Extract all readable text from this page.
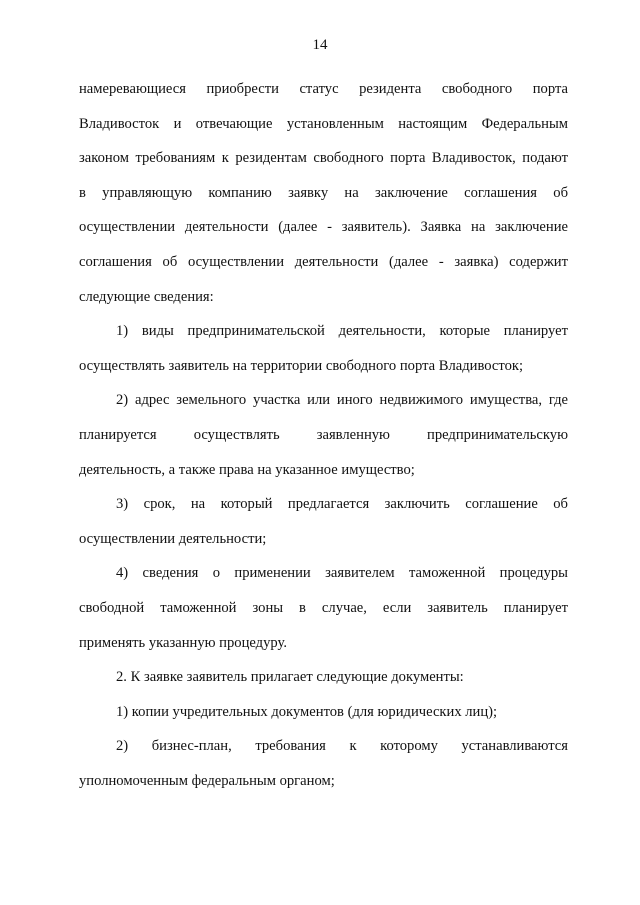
14

намеревающиеся приобрести статус резидента свободного порта

Владивосток и отвечающие установленным настоящим Федеральным

законом требованиям к резидентам свободного порта Владивосток, подают

в управляющую компанию заявку на заключение соглашения об

осуществлении деятельности (далее - заявитель). Заявка на заключение

соглашения об осуществлении деятельности (далее - заявка) содержит

следующие сведения:

1) виды предпринимательской деятельности, которые планирует

осуществлять заявитель на территории свободного порта Владивосток;

2) адрес земельного участка или иного недвижимого имущества, где

планируется осуществлять заявленную предпринимательскую

деятельность, а также права на указанное имущество;

3) срок, на который предлагается заключить соглашение об

осуществлении деятельности;

4) сведения о применении заявителем таможенной процедуры

свободной таможенной зоны в случае, если заявитель планирует

применять указанную процедуру.

2. К заявке заявитель прилагает следующие документы:

1) копии учредительных документов (для юридических лиц);

2) бизнес-план, требования к которому устанавливаются

уполномоченным федеральным органом;
